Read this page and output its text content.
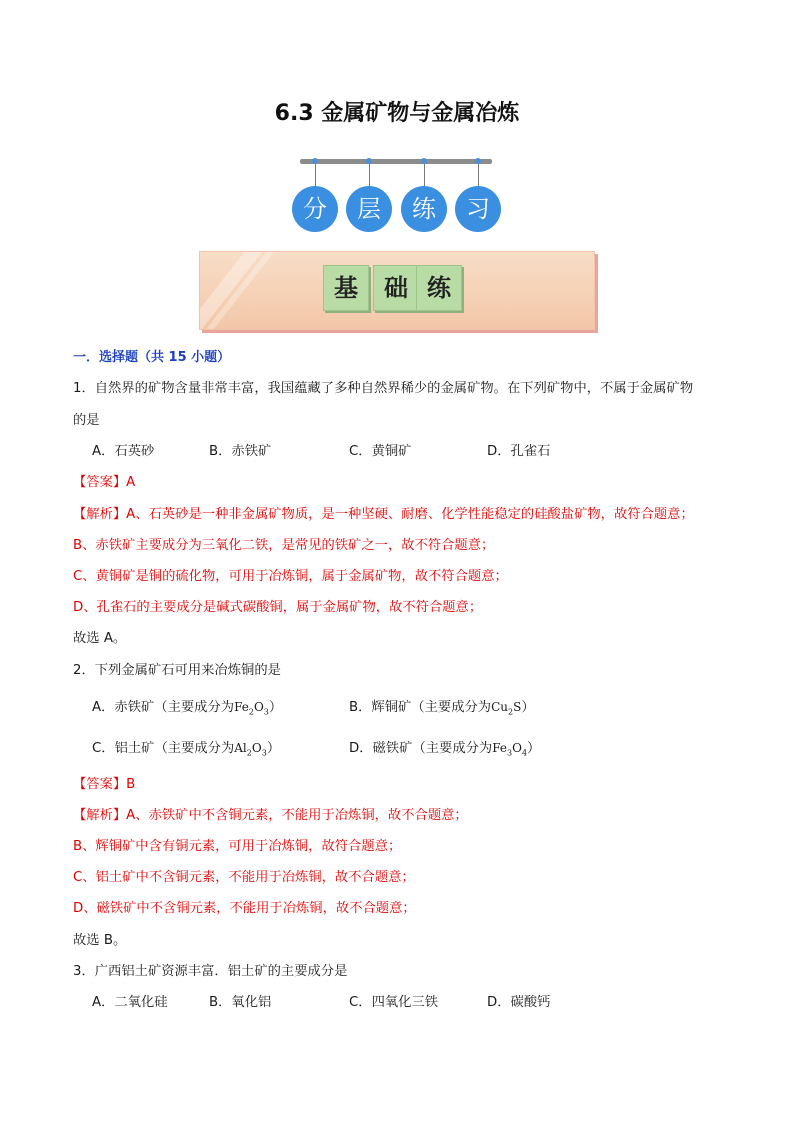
6.3 金属矿物与金属冶炼
分	层	练	习
基	础 练
一．选择题（共 15 小题）
1．自然界的矿物含量非常丰富，我国蕴藏了多种自然界稀少的金属矿物。在下列矿物中，不属于金属矿物
的是
A．石英砂	B．赤铁矿	C．黄铜矿	D．孔雀石
【答案】A
【解析】A、石英砂是一种非金属矿物质，是一种坚硬、耐磨、化学性能稳定的硅酸盐矿物，故符合题意；
B、赤铁矿主要成分为三氧化二铁，是常见的铁矿之一，故不符合题意；
C、黄铜矿是铜的硫化物，可用于冶炼铜，属于金属矿物，故不符合题意；
D、孔雀石的主要成分是碱式碳酸铜，属于金属矿物，故不符合题意；
故选 A。
2．下列金属矿石可用来冶炼铜的是
A．赤铁矿（主要成分为$Fe_2O_3$）	B．辉铜矿（主要成分为$Cu_2S$）
C．铝土矿（主要成分为$Al_2O_3$）	D．磁铁矿（主要成分为$Fe_3O_4$）
【答案】B
【解析】A、赤铁矿中不含铜元素，不能用于冶炼铜，故不合题意；
B、辉铜矿中含有铜元素，可用于冶炼铜，故符合题意；
C、铝土矿中不含铜元素，不能用于冶炼铜，故不合题意；
D、磁铁矿中不含铜元素，不能用于冶炼铜，故不合题意；
故选 B。
3．广西铝土矿资源丰富．铝土矿的主要成分是
A．二氧化硅	B．氧化铝	C．四氧化三铁	D．碳酸钙
